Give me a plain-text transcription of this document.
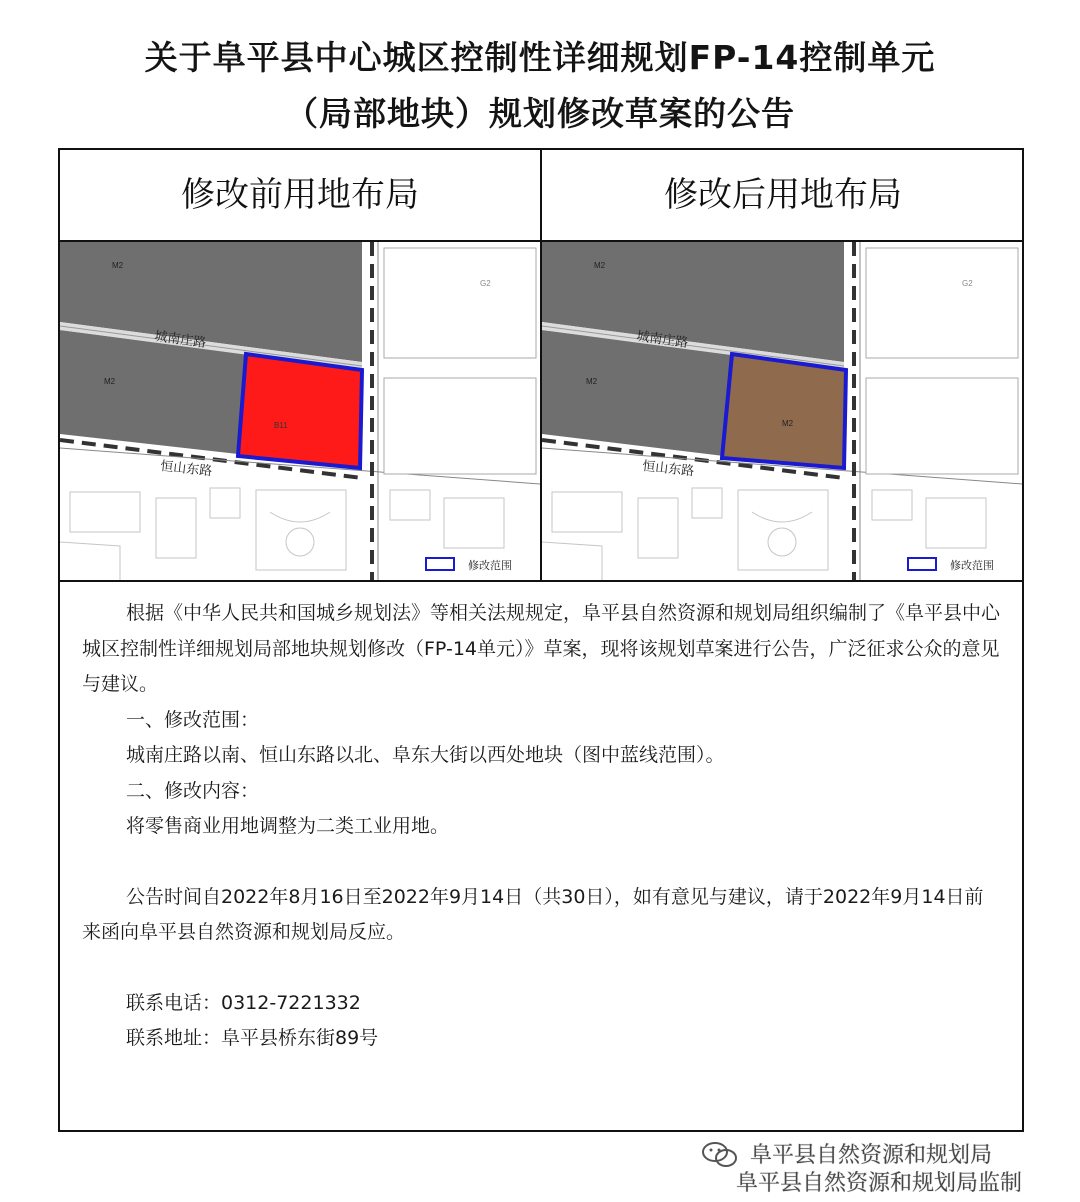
关于阜平县中心城区控制性详细规划FP-14控制单元
（局部地块）规划修改草案的公告
修改前用地布局	修改后用地布局
城南庄路
恒山东路
B11
M2
M2
G2
修改范围
城南庄路
恒山东路
M2
M2
M2
G2
修改范围

根据《中华人民共和国城乡规划法》等相关法规规定，阜平县自然资源和规划局组织编制了《阜平县中心城区控制性详细规划局部地块规划修改（FP-14单元）》草案，现将该规划草案进行公告，广泛征求公众的意见与建议。

一、修改范围：

城南庄路以南、恒山东路以北、阜东大街以西处地块（图中蓝线范围）。

二、修改内容：

将零售商业用地调整为二类工业用地。

公告时间自2022年8月16日至2022年9月14日（共30日），如有意见与建议，请于2022年9月14日前来函向阜平县自然资源和规划局反应。

联系电话：0312-7221332

联系地址：阜平县桥东街89号

阜平县自然资源和规划局
阜平县自然资源和规划局监制
